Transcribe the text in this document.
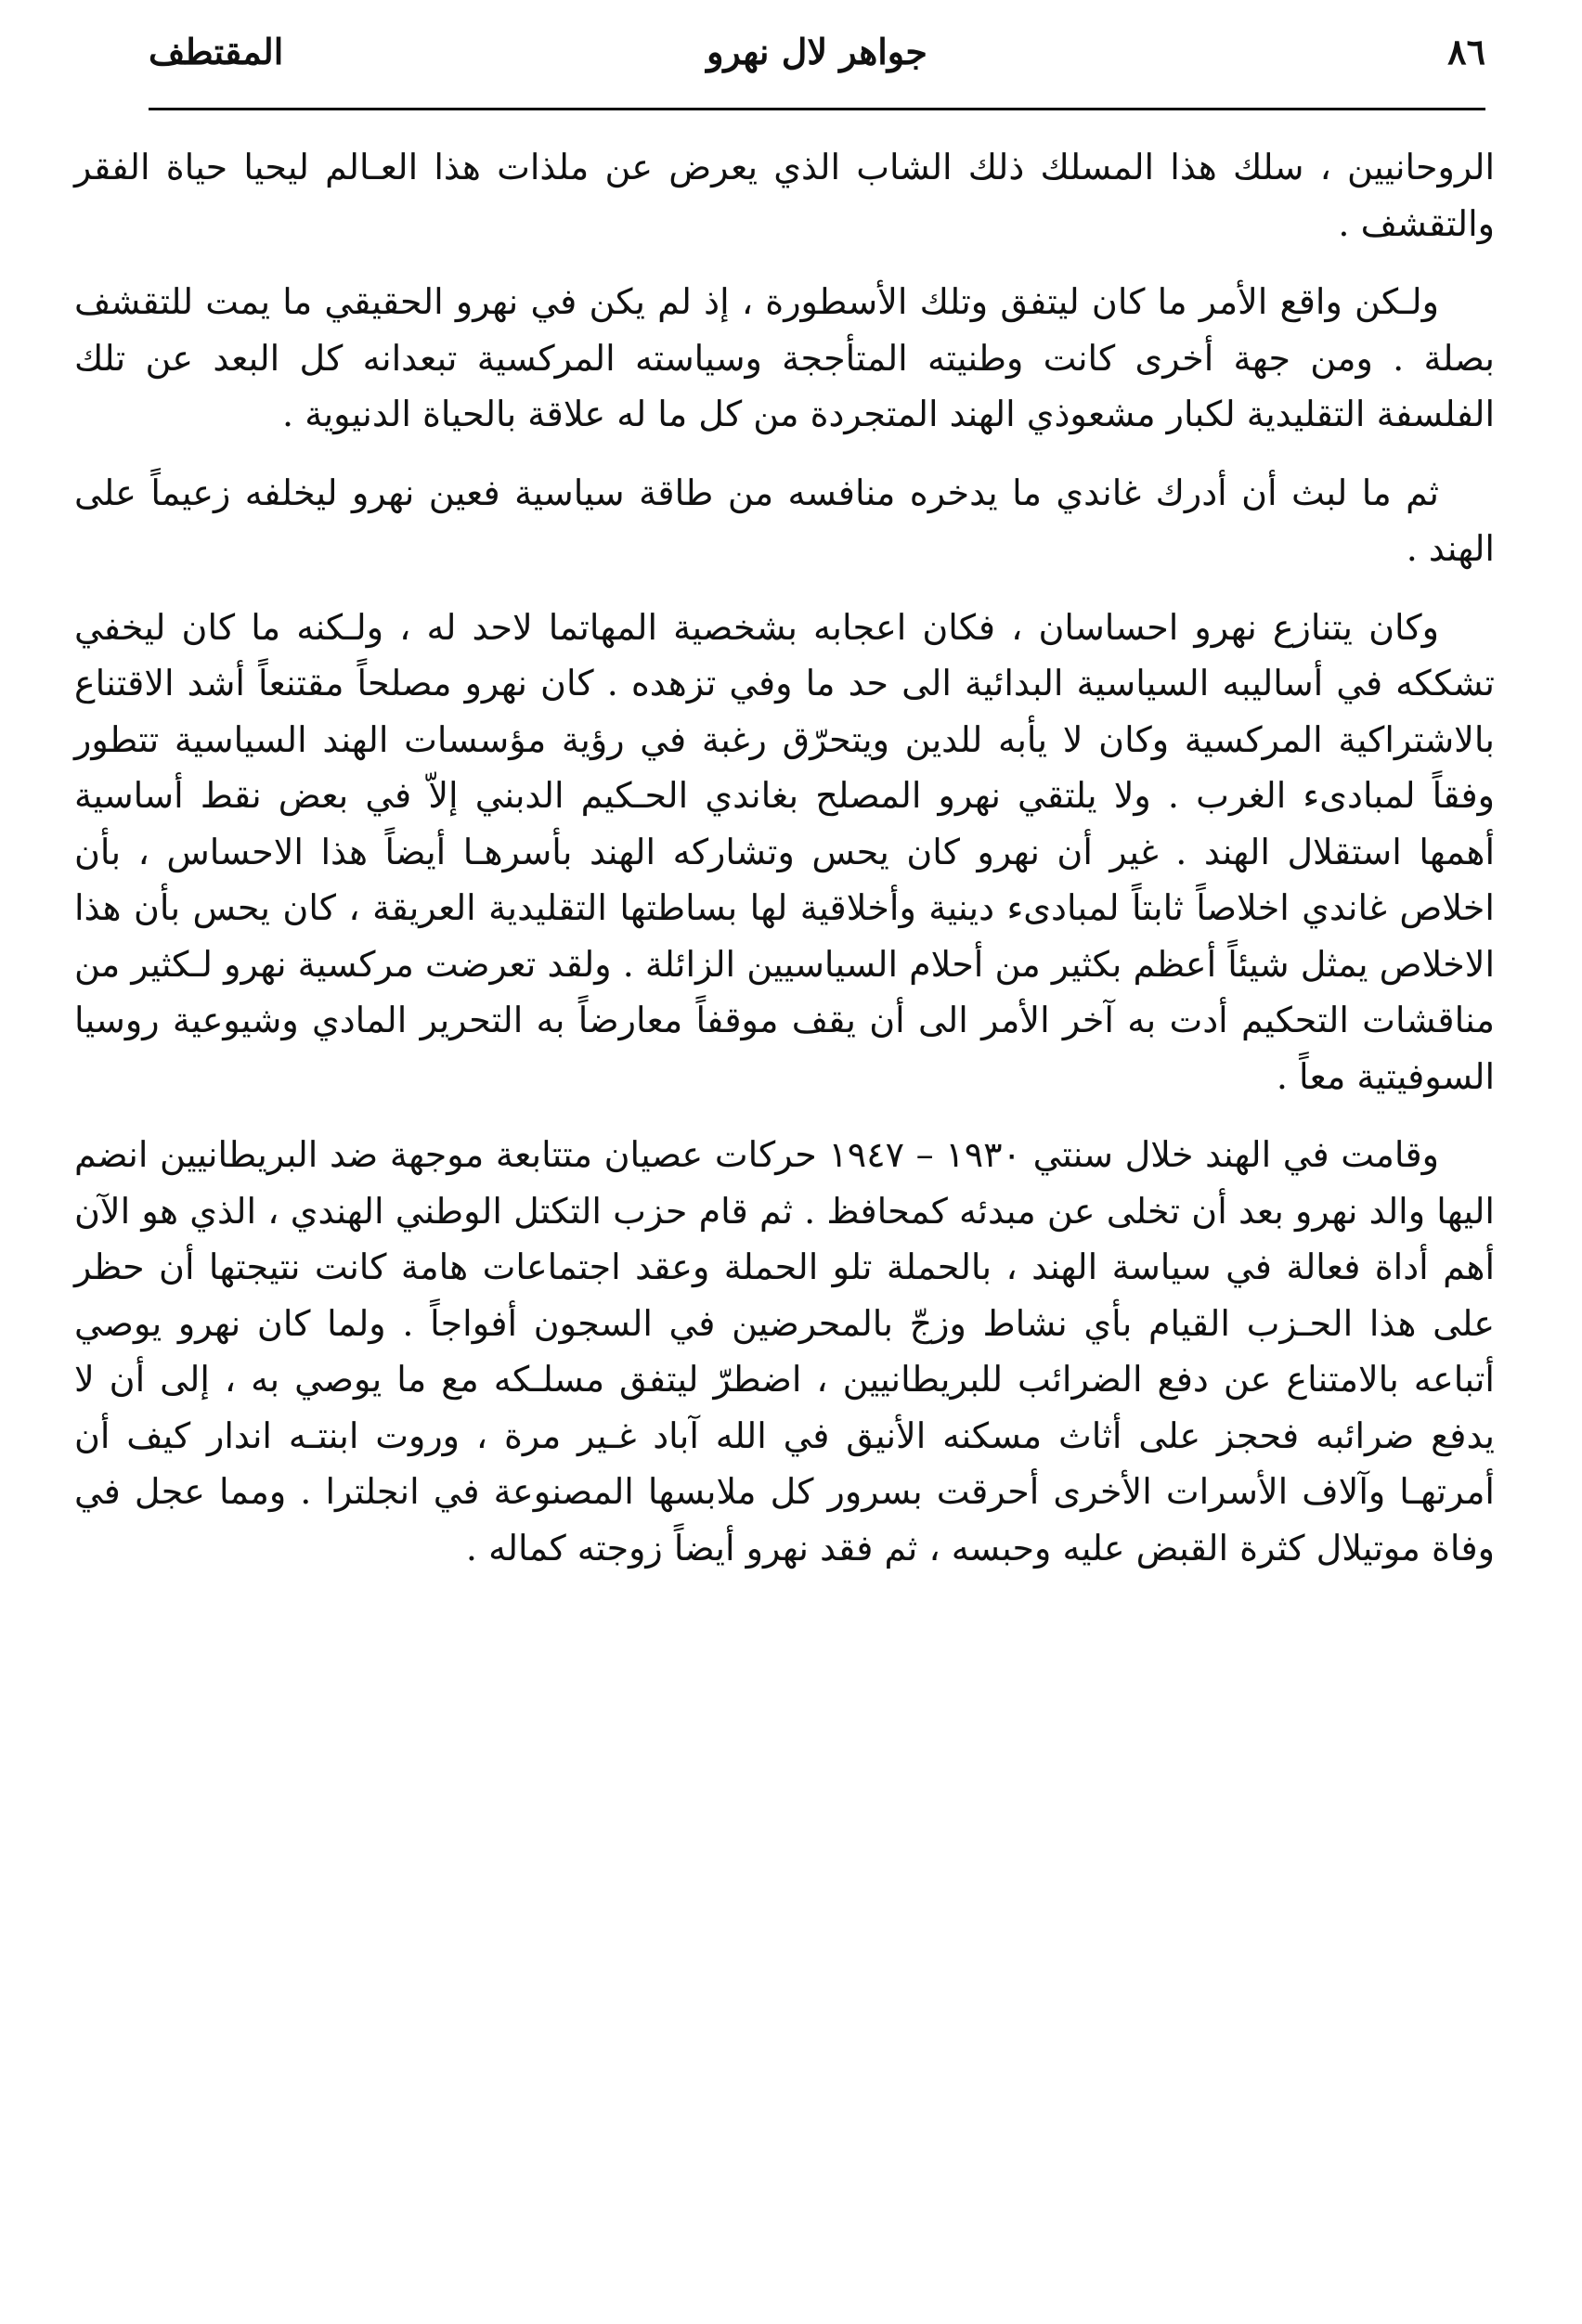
٨٦
جواهر لال نهرو
المقتطف

الروحانيين ، سلك هذا المسلك ذلك الشاب الذي يعرض عن ملذات هذا العـالم ليحيا حياة الفقر والتقشف .

ولـكن واقع الأمر ما كان ليتفق وتلك الأسطورة ، إذ لم يكن في نهرو الحقيقي ما يمت للتقشف بصلة . ومن جهة أخرى كانت وطنيته المتأججة وسياسته المركسية تبعدانه كل البعد عن تلك الفلسفة التقليدية لكبار مشعوذي الهند المتجردة من كل ما له علاقة بالحياة الدنيوية .

ثم ما لبث أن أدرك غاندي ما يدخره منافسه من طاقة سياسية فعين نهرو ليخلفه زعيماً على الهند .

وكان يتنازع نهرو احساسان ، فكان اعجابه بشخصية المهاتما لاحد له ، ولـكنه ما كان ليخفي تشككه في أساليبه السياسية البدائية الى حد ما وفي تزهده . كان نهرو مصلحاً مقتنعاً أشد الاقتناع بالاشتراكية المركسية وكان لا يأبه للدين ويتحرّق رغبة في رؤية مؤسسات الهند السياسية تتطور وفقاً لمبادىء الغرب . ولا يلتقي نهرو المصلح بغاندي الحـكيم الدبني إلاّ في بعض نقط أساسية أهمها استقلال الهند . غير أن نهرو كان يحس وتشاركه الهند بأسرهـا أيضاً هذا الاحساس ، بأن اخلاص غاندي اخلاصاً ثابتاً لمبادىء دينية وأخلاقية لها بساطتها التقليدية العريقة ، كان يحس بأن هذا الاخلاص يمثل شيئاً أعظم بكثير من أحلام السياسيين الزائلة . ولقد تعرضت مركسية نهرو لـكثير من مناقشات التحكيم أدت به آخر الأمر الى أن يقف موقفاً معارضاً به التحرير المادي وشيوعية روسيا السوفيتية معاً .

وقامت في الهند خلال سنتي ١٩٣٠ – ١٩٤٧ حركات عصيان متتابعة موجهة ضد البريطانيين انضم اليها والد نهرو بعد أن تخلى عن مبدئه كمحافظ . ثم قام حزب التكتل الوطني الهندي ، الذي هو الآن أهم أداة فعالة في سياسة الهند ، بالحملة تلو الحملة وعقد اجتماعات هامة كانت نتيجتها أن حظر على هذا الحـزب القيام بأي نشاط وزجّ بالمحرضين في السجون أفواجاً . ولما كان نهرو يوصي أتباعه بالامتناع عن دفع الضرائب للبريطانيين ، اضطرّ ليتفق مسلـكه مع ما يوصي به ، إلى أن لا يدفع ضرائبه فحجز على أثاث مسكنه الأنيق في الله آباد غـير مرة ، وروت ابنتـه اندار كيف أن أمرتهـا وآلاف الأسرات الأخرى أحرقت بسرور كل ملابسها المصنوعة في انجلترا . ومما عجل في وفاة موتيلال كثرة القبض عليه وحبسه ، ثم فقد نهرو أيضاً زوجته كماله .
